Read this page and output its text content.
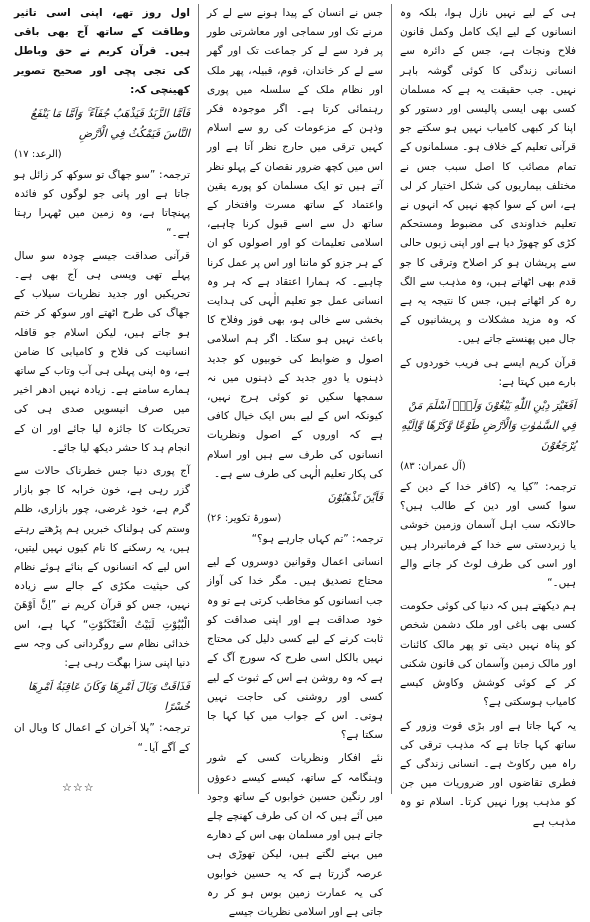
ہی کے لیے نہیں نازل ہوا، بلکہ وہ انسانوں کے لیے ایک کامل وکمل قانون فلاح ونجات ہے، جس کے دائرہ سے انسانی زندگی کا کوئی گوشہ باہر نہیں۔ جب حقیقت یہ ہے کہ مسلمان کسی بھی ایسی پالیسی اور دستور کو اپنا کر کبھی کامیاب نہیں ہو سکتے جو قرآنی تعلیم کے خلاف ہو۔ مسلمانوں کے تمام مصائب کا اصل سبب جس نے مختلف بیماریوں کی شکل اختیار کر لی ہے، اس کے سوا کچھ نہیں کہ انہوں نے تعلیم خداوندی کی مضبوط ومستحکم کڑی کو چھوڑ دیا ہے اور اپنی زبوں حالی سے پریشان ہو کر اصلاح وترقی کا جو قدم بھی اٹھاتے ہیں، وہ مذہب سے الگ رہ کر اٹھاتے ہیں، جس کا نتیجہ یہ ہے کہ وہ مزید مشکلات و پریشانیوں کے جال میں پھنستے جاتے ہیں۔

قرآن کریم ایسے ہی فریب خوردوں کے بارے میں کہتا ہے:

اَفَغَيْرَ دِيْنِ اللّٰهِ يَبْغُوْنَ وَلَهٗۤ اَسْلَمَ مَنْ فِي السَّمٰوٰتِ وَالْاَرْضِ طَوْعًا وَّكَرْهًا وَّاِلَيْهِ يُرْجَعُوْنَ

(آل عمران: ۸۳)

ترجمہ: ”کیا یہ (کافر خدا کے دین کے سوا کسی اور دین کے طالب ہیں؟ حالانکہ سب اہل آسمان وزمین خوشی یا زبردستی سے خدا کے فرمانبردار ہیں اور اسی کی طرف لوٹ کر جانے والے ہیں۔“

ہم دیکھتے ہیں کہ دنیا کی کوئی حکومت کسی بھی باغی اور ملک دشمن شخص کو پناہ نہیں دیتی تو پھر مالک کائنات اور مالک زمین وآسمان کی قانون شکنی کر کے کوئی کوشش وکاوش کیسے کامیاب ہوسکتی ہے؟

یہ کہا جاتا ہے اور بڑی قوت وزور کے ساتھ کہا جاتا ہے کہ مذہب ترقی کی راہ میں رکاوٹ ہے۔ انسانی زندگی کے فطری تقاضوں اور ضروریات میں جن کو مذہب پورا نہیں کرتا۔ اسلام تو وہ مذہب ہے

جس نے انسان کے پیدا ہونے سے لے کر مرنے تک اور سماجی اور معاشرتی طور پر فرد سے لے کر جماعت تک اور گھر سے لے کر خاندان، قوم، قبیلہ، پھر ملک اور نظام ملک کے سلسلہ میں پوری رہنمائی کرتا ہے۔ اگر موجودہ فکر وذہن کے مزعومات کی رو سے اسلام کہیں ترقی میں حارج نظر آتا ہے اور اس میں کچھ ضرور نقصان کے پہلو نظر آتے ہیں تو ایک مسلمان کو پورے یقین واعتماد کے ساتھ مسرت وافتخار کے ساتھ دل سے اسے قبول کرنا چاہیے، اسلامی تعلیمات کو اور اصولوں کو ان کے ہر جزو کو ماننا اور اس پر عمل کرنا چاہیے۔ کہ ہمارا اعتقاد ہے کہ ہر وہ انسانی عمل جو تعلیم الٰہی کی ہدایت بخشی سے خالی ہو، بھی فوز وفلاح کا باعث نہیں ہو سکتا۔ اگر ہم اسلامی اصول و ضوابط کی خوبیوں کو جدید ذہنوں یا دورِ جدید کے ذہنوں میں نہ سمجھا سکیں تو کوئی ہرج نہیں، کیونکہ اس کے لیے بس ایک خیال کافی ہے کہ اوروں کے اصول ونظریات انسانوں کی طرف سے ہیں اور اسلام کی پکار تعلیم الٰہی کی طرف سے ہے۔

فَاَيْنَ تَذْهَبُوْنَ

(سورۃ تکویر: ۲۶)

ترجمہ: ”تم کہاں جارہے ہو؟“

انسانی اعمال وقوانین دوسروں کے لیے محتاج تصدیق ہیں۔ مگر خدا کی آواز جب انسانوں کو مخاطب کرتی ہے تو وہ خود صداقت ہے اور اپنی صداقت کو ثابت کرنے کے لیے کسی دلیل کی محتاج نہیں بالکل اسی طرح کہ سورج آگ کے ہے کہ وہ روشن ہے اس کے ثبوت کے لیے کسی اور روشنی کی حاجت نہیں ہوتی۔ اس کے جواب میں کیا کہا جا سکتا ہے؟

نئے افکار ونظریات کسی کے شور وہنگامہ کے ساتھ، کیسے کیسے دعوؤں اور رنگین حسین خوابوں کے ساتھ وجود میں آئے ہیں کہ ان کی طرف کھنچے چلے جاتے ہیں اور مسلمان بھی اس کے دھارے میں بہنے لگتے ہیں، لیکن تھوڑی ہی عرصہ گزرتا ہے کہ یہ حسین خوابوں کی یہ عمارت زمین بوس ہو کر رہ جاتی ہے اور اسلامی نظریات جیسے

اول روز تھے، اپنی اسی تاثیر وطاقت کے ساتھ آج بھی باقی ہیں۔ قرآن کریم نے حق وباطل کی تجی پچی اور صحیح تصویر کھینچی کہ:

فَاَمَّا الزَّبَدُ فَيَذْهَبُ جُفَآءً ۚ وَاَمَّا مَا يَنْفَعُ النَّاسَ فَيَمْكُثُ فِي الْاَرْضِ

(الرعد: ۱۷)

ترجمہ: ”سو جھاگ تو سوکھ کر زائل ہو جاتا ہے اور پانی جو لوگوں کو فائدہ پہنچاتا ہے، وہ زمین میں ٹھہرا رہتا ہے۔“

قرآنی صداقت جیسے چودہ سو سال پہلے تھی ویسی ہی آج بھی ہے۔ تحریکیں اور جدید نظریات سیلاب کے جھاگ کی طرح اٹھتے اور سوکھ کر ختم ہو جاتے ہیں، لیکن اسلام جو قافلہ انسانیت کی فلاح و کامیابی کا ضامن ہے، وہ اپنی پہلی ہی آب وتاب کے ساتھ ہمارے سامنے ہے۔ زیادہ نہیں ادھر اخیر میں صرف انیسویں صدی ہی کی تحریکات کا جائزہ لیا جائے اور ان کے انجام ہد کا حشر دیکھ لیا جائے۔

آج پوری دنیا جس خطرناک حالات سے گزر رہی ہے، خون خرابہ کا جو بازار گرم ہے، خود غرضی، چور بازاری، ظلم وستم کی ہولناک خبریں ہم پڑھتے رہتے ہیں، یہ رسکنے کا نام کیوں نہیں لیتیں، اس لیے کہ انسانوں کے بنائے ہوئے نظام کی حیثیت مکڑی کے جالے سے زیادہ نہیں، جس کو قرآن کریم نے ”اِنَّ اَوْهَنَ الْبُيُوْتِ لَبَيْتُ الْعَنْكَبُوْتِ“ کہا ہے، اس خدائی نظام سے روگردانی کی وجہ سے دنیا اپنی سزا بھگت رہی ہے:

فَذَاقَتْ وَبَالَ اَمْرِهَا وَكَانَ عَاقِبَةُ اَمْرِهَا خُسْرًا

ترجمہ: ”پلا آخران کے اعمال کا وبال ان کے آگے آیا۔“

☆☆☆
